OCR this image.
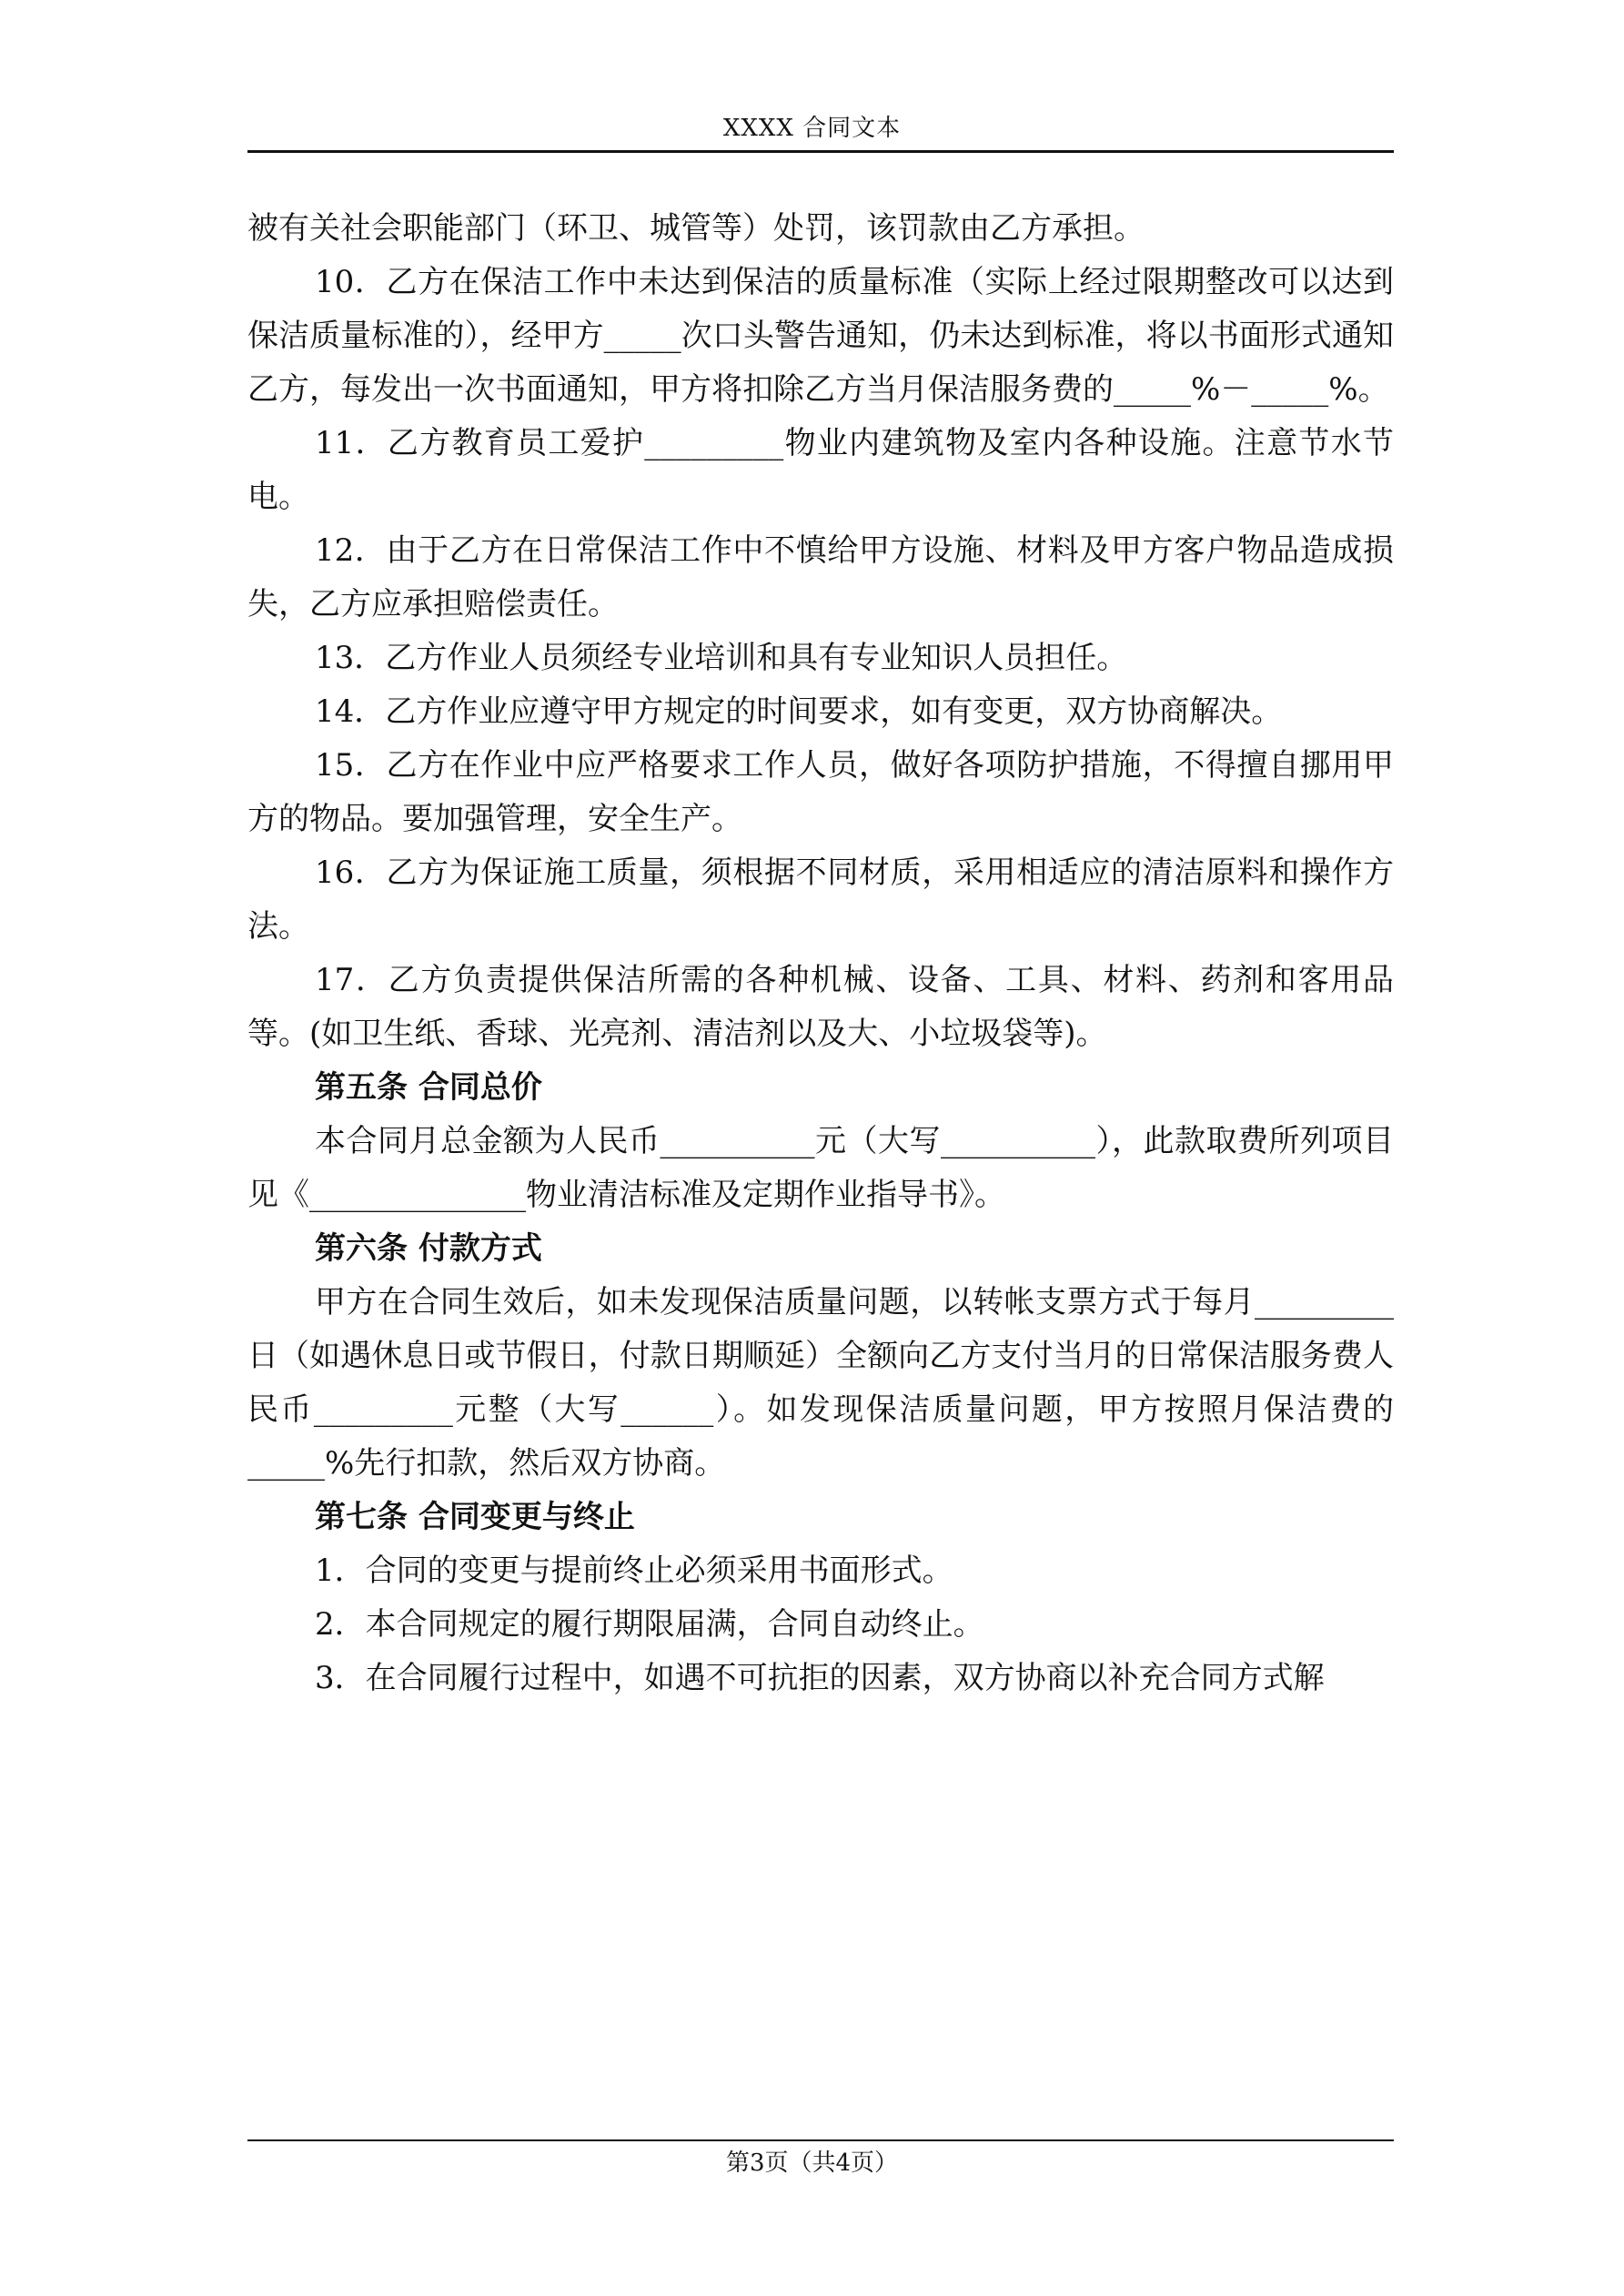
XXXX 合同文本

被有关社会职能部门（环卫、城管等）处罚，该罚款由乙方承担。

10．乙方在保洁工作中未达到保洁的质量标准（实际上经过限期整改可以达到保洁质量标准的），经甲方_____次口头警告通知，仍未达到标准，将以书面形式通知乙方，每发出一次书面通知，甲方将扣除乙方当月保洁服务费的_____%－_____%。

11．乙方教育员工爱护_________物业内建筑物及室内各种设施。注意节水节电。

12．由于乙方在日常保洁工作中不慎给甲方设施、材料及甲方客户物品造成损失，乙方应承担赔偿责任。

13．乙方作业人员须经专业培训和具有专业知识人员担任。

14．乙方作业应遵守甲方规定的时间要求，如有变更，双方协商解决。

15．乙方在作业中应严格要求工作人员，做好各项防护措施，不得擅自挪用甲方的物品。要加强管理，安全生产。

16．乙方为保证施工质量，须根据不同材质，采用相适应的清洁原料和操作方法。

17．乙方负责提供保洁所需的各种机械、设备、工具、材料、药剂和客用品等。(如卫生纸、香球、光亮剂、清洁剂以及大、小垃圾袋等)。

第五条 合同总价

本合同月总金额为人民币__________元（大写__________），此款取费所列项目见《______________物业清洁标准及定期作业指导书》。

第六条 付款方式

甲方在合同生效后，如未发现保洁质量问题，以转帐支票方式于每月_________日（如遇休息日或节假日，付款日期顺延）全额向乙方支付当月的日常保洁服务费人民币_________元整（大写______）。如发现保洁质量问题，甲方按照月保洁费的_____%先行扣款，然后双方协商。

第七条 合同变更与终止

1．合同的变更与提前终止必须采用书面形式。

2．本合同规定的履行期限届满，合同自动终止。

3．在合同履行过程中，如遇不可抗拒的因素，双方协商以补充合同方式解

第3页（共4页）
